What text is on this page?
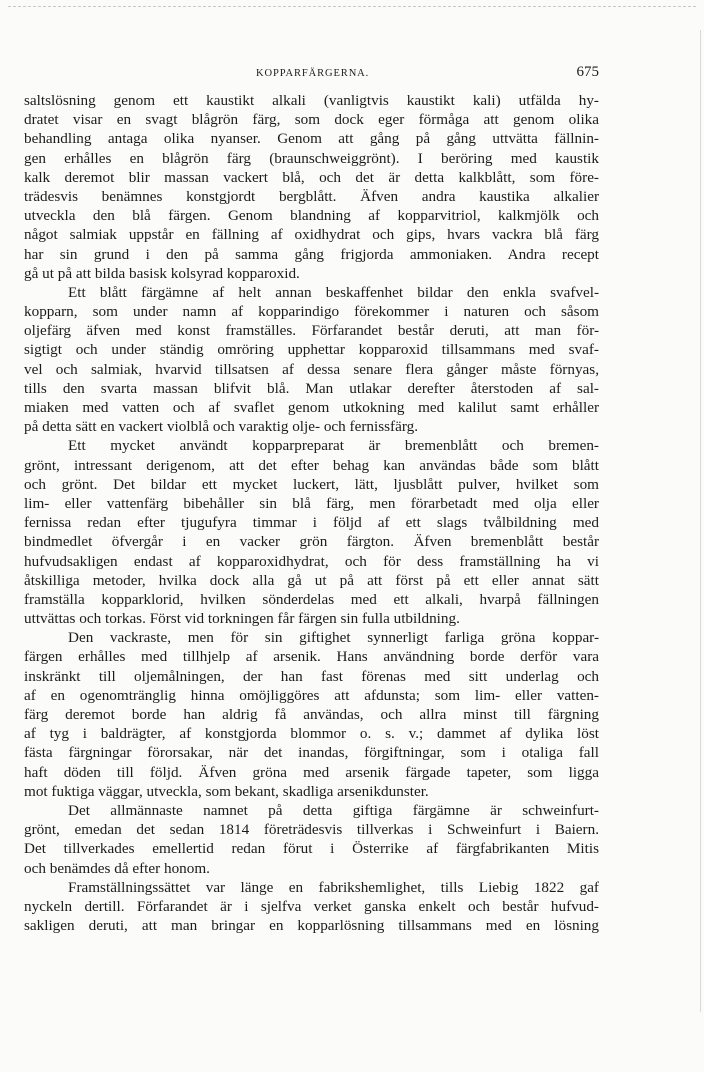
KOPPARFÄRGERNA.	675
saltslösning genom ett kaustikt alkali (vanligtvis kaustikt kali) utfälda hy-
dratet visar en svagt blågrön färg, som dock eger förmåga att genom olika
behandling antaga olika nyanser. Genom att gång på gång uttvätta fällnin-
gen erhålles en blågrön färg (braunschweiggrönt). I beröring med kaustik
kalk deremot blir massan vackert blå, och det är detta kalkblått, som före-
trädesvis benämnes konstgjordt bergblått. Äfven andra kaustika alkalier
utveckla den blå färgen. Genom blandning af kopparvitriol, kalkmjölk och
något salmiak uppstår en fällning af oxidhydrat och gips, hvars vackra blå färg
har sin grund i den på samma gång frigjorda ammoniaken. Andra recept
gå ut på att bilda basisk kolsyrad kopparoxid.
Ett blått färgämne af helt annan beskaffenhet bildar den enkla svafvel-
kopparn, som under namn af kopparindigo förekommer i naturen och såsom
oljefärg äfven med konst framställes. Förfarandet består deruti, att man för-
sigtigt och under ständig omröring upphettar kopparoxid tillsammans med svaf-
vel och salmiak, hvarvid tillsatsen af dessa senare flera gånger måste förnyas,
tills den svarta massan blifvit blå. Man utlakar derefter återstoden af sal-
miaken med vatten och af svaflet genom utkokning med kalilut samt erhåller
på detta sätt en vackert violblå och varaktig olje- och fernissfärg.
Ett mycket användt kopparpreparat är bremenblått och bremen-
grönt, intressant derigenom, att det efter behag kan användas både som blått
och grönt. Det bildar ett mycket luckert, lätt, ljusblått pulver, hvilket som
lim- eller vattenfärg bibehåller sin blå färg, men förarbetadt med olja eller
fernissa redan efter tjugufyra timmar i följd af ett slags tvålbildning med
bindmedlet öfvergår i en vacker grön färgton. Äfven bremenblått består
hufvudsakligen endast af kopparoxidhydrat, och för dess framställning ha vi
åtskilliga metoder, hvilka dock alla gå ut på att först på ett eller annat sätt
framställa kopparklorid, hvilken sönderdelas med ett alkali, hvarpå fällningen
uttvättas och torkas. Först vid torkningen får färgen sin fulla utbildning.
Den vackraste, men för sin giftighet synnerligt farliga gröna koppar-
färgen erhålles med tillhjelp af arsenik. Hans användning borde derför vara
inskränkt till oljemålningen, der han fast förenas med sitt underlag och
af en ogenomtränglig hinna omöjliggöres att afdunsta; som lim- eller vatten-
färg deremot borde han aldrig få användas, och allra minst till färgning
af tyg i baldrägter, af konstgjorda blommor o. s. v.; dammet af dylika löst
fästa färgningar förorsakar, när det inandas, förgiftningar, som i otaliga fall
haft döden till följd. Äfven gröna med arsenik färgade tapeter, som ligga
mot fuktiga väggar, utveckla, som bekant, skadliga arsenikdunster.
Det allmännaste namnet på detta giftiga färgämne är schweinfurt-
grönt, emedan det sedan 1814 företrädesvis tillverkas i Schweinfurt i Baiern.
Det tillverkades emellertid redan förut i Österrike af färgfabrikanten Mitis
och benämdes då efter honom.
Framställningssättet var länge en fabrikshemlighet, tills Liebig 1822 gaf
nyckeln dertill. Förfarandet är i sjelfva verket ganska enkelt och består hufvud-
sakligen deruti, att man bringar en kopparlösning tillsammans med en lösning
